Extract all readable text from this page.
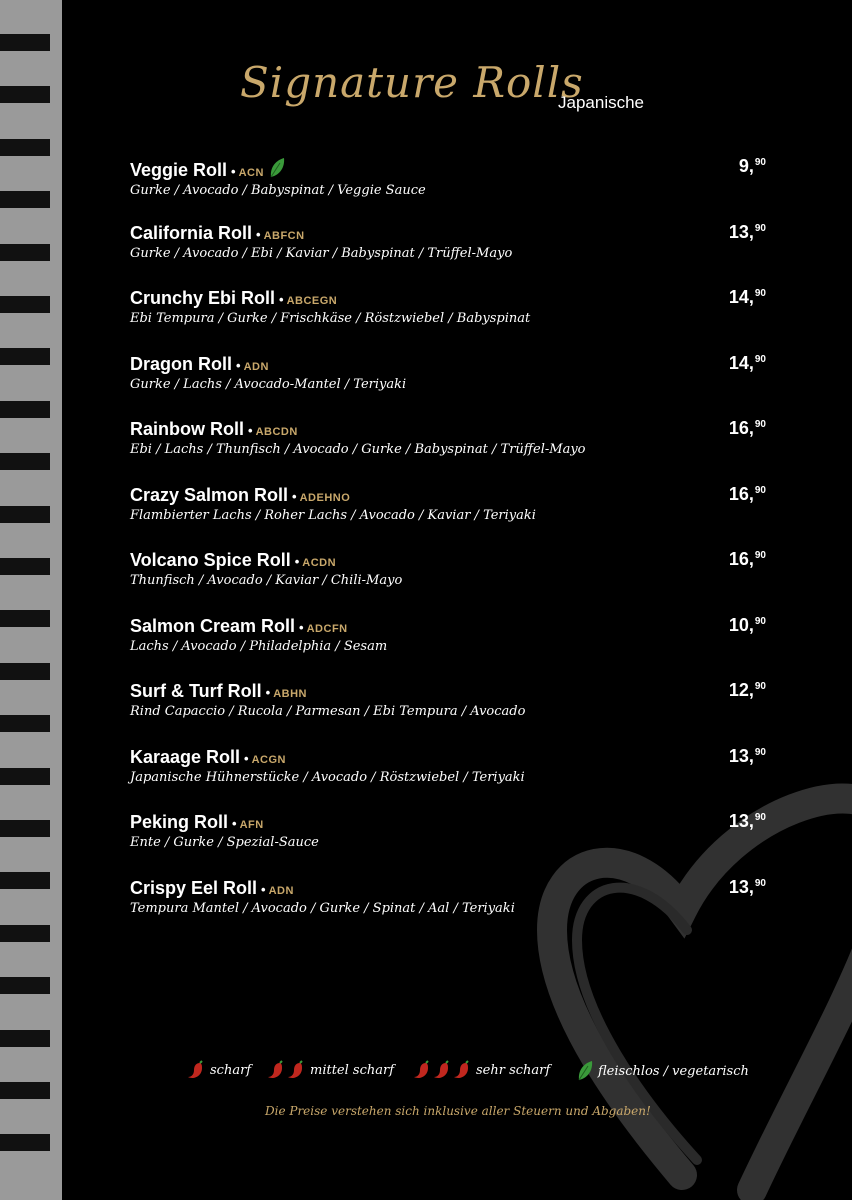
Signature Rolls
Japanische
Veggie Roll • ACN
Gurke / Avocado / Babyspinat / Veggie Sauce
9,90
California Roll • ABFCN
Gurke / Avocado / Ebi / Kaviar / Babyspinat / Trüffel-Mayo
13,90
Crunchy Ebi Roll • ABCEGN
Ebi Tempura / Gurke / Frischkäse / Röstzwiebel / Babyspinat
14,90
Dragon Roll • ADN
Gurke / Lachs / Avocado-Mantel / Teriyaki
14,90
Rainbow Roll • ABCDN
Ebi / Lachs / Thunfisch / Avocado / Gurke / Babyspinat / Trüffel-Mayo
16,90
Crazy Salmon Roll • ADEHNO
Flambierter Lachs / Roher Lachs / Avocado / Kaviar / Teriyaki
16,90
Volcano Spice Roll • ACDN
Thunfisch / Avocado / Kaviar / Chili-Mayo
16,90
Salmon Cream Roll • ADCFN
Lachs / Avocado / Philadelphia / Sesam
10,90
Surf & Turf Roll • ABHN
Rind Capaccio / Rucola / Parmesan / Ebi Tempura / Avocado
12,90
Karaage Roll • ACGN
Japanische Hühnerstücke / Avocado / Röstzwiebel / Teriyaki
13,90
Peking Roll • AFN
Ente / Gurke / Spezial-Sauce
13,90
Crispy Eel Roll • ADN
Tempura Mantel / Avocado / Gurke / Spinat / Aal / Teriyaki
13,90
scharf	mittel scharf	sehr scharf	fleischlos / vegetarisch
Die Preise verstehen sich inklusive aller Steuern und Abgaben!
